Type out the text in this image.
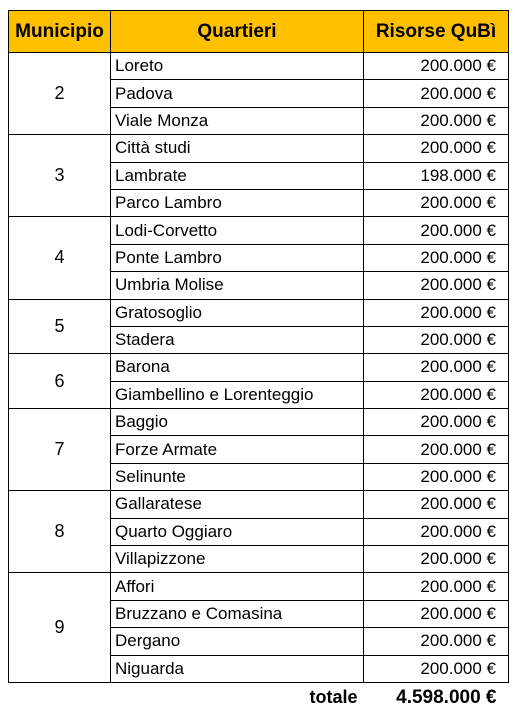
Municipio	Quartieri	Risorse QuBì
2	Loreto	200.000 €
	Padova	200.000 €
	Viale Monza	200.000 €
3	Città studi	200.000 €
	Lambrate	198.000 €
	Parco Lambro	200.000 €
4	Lodi-Corvetto	200.000 €
	Ponte Lambro	200.000 €
	Umbria Molise	200.000 €
5	Gratosoglio	200.000 €
	Stadera	200.000 €
6	Barona	200.000 €
	Giambellino e Lorenteggio	200.000 €
7	Baggio	200.000 €
	Forze Armate	200.000 €
	Selinunte	200.000 €
8	Gallaratese	200.000 €
	Quarto Oggiaro	200.000 €
	Villapizzone	200.000 €
9	Affori	200.000 €
	Bruzzano e Comasina	200.000 €
	Dergano	200.000 €
	Niguarda	200.000 €
	totale	4.598.000 €
